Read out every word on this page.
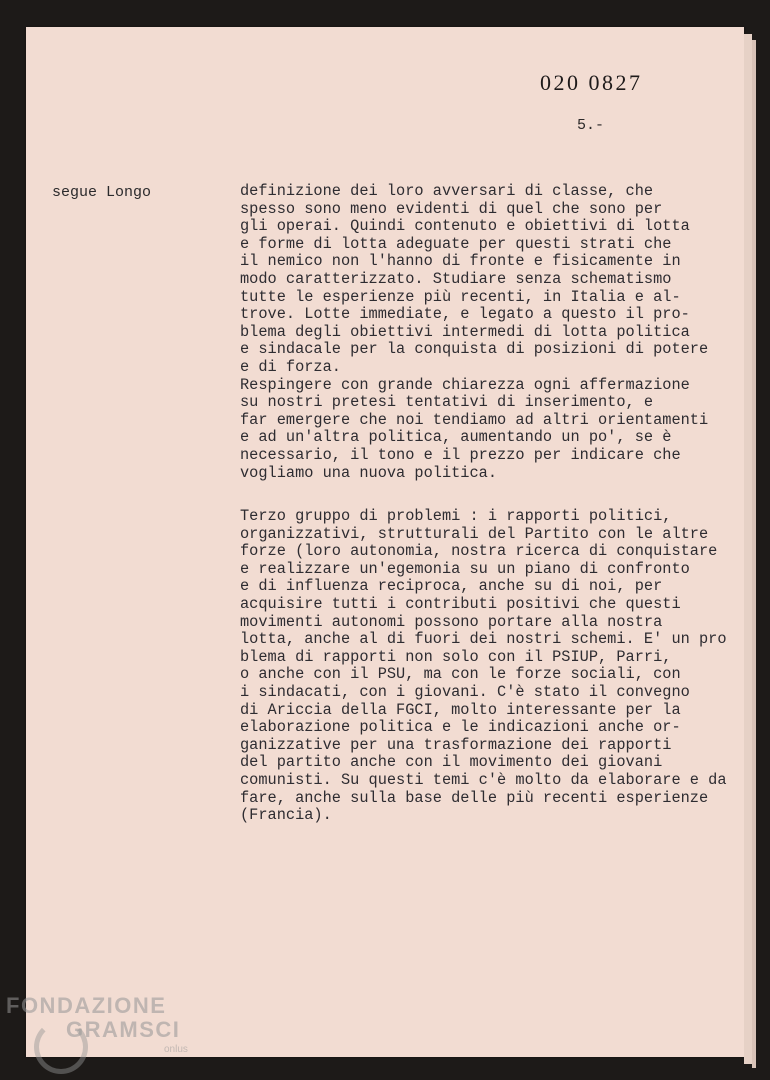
020 0827
5.-
segue Longo	definizione dei loro avversari di classe, che
spesso sono meno evidenti di quel che sono per
gli operai. Quindi contenuto e obiettivi di lotta
e forme di lotta adeguate per questi strati che
il nemico non l'hanno di fronte e fisicamente in
modo caratterizzato. Studiare senza schematismo
tutte le esperienze più recenti, in Italia e al-
trove. Lotte immediate, e legato a questo il pro-
blema degli obiettivi intermedi di lotta politica
e sindacale per la conquista di posizioni di potere
e di forza.
Respingere con grande chiarezza ogni affermazione
su nostri pretesi tentativi di inserimento, e
far emergere che noi tendiamo ad altri orientamenti
e ad un'altra politica, aumentando un po', se è
necessario, il tono e il prezzo per indicare che
vogliamo una nuova politica.
Terzo gruppo di problemi : i rapporti politici,
organizzativi, strutturali del Partito con le altre
forze (loro autonomia, nostra ricerca di conquistare
e realizzare un'egemonia su un piano di confronto
e di influenza reciproca, anche su di noi, per
acquisire tutti i contributi positivi che questi
movimenti autonomi possono portare alla nostra
lotta, anche al di fuori dei nostri schemi. E' un pro
blema di rapporti non solo con il PSIUP, Parri,
o anche con il PSU, ma con le forze sociali, con
i sindacati, con i giovani. C'è stato il convegno
di Ariccia della FGCI, molto interessante per la
elaborazione politica e le indicazioni anche or-
ganizzative per una trasformazione dei rapporti
del partito anche con il movimento dei giovani
comunisti. Su questi temi c'è molto da elaborare e da
fare, anche sulla base delle più recenti esperienze
(Francia).
FONDAZIONE
GRAMSCI
onlus
